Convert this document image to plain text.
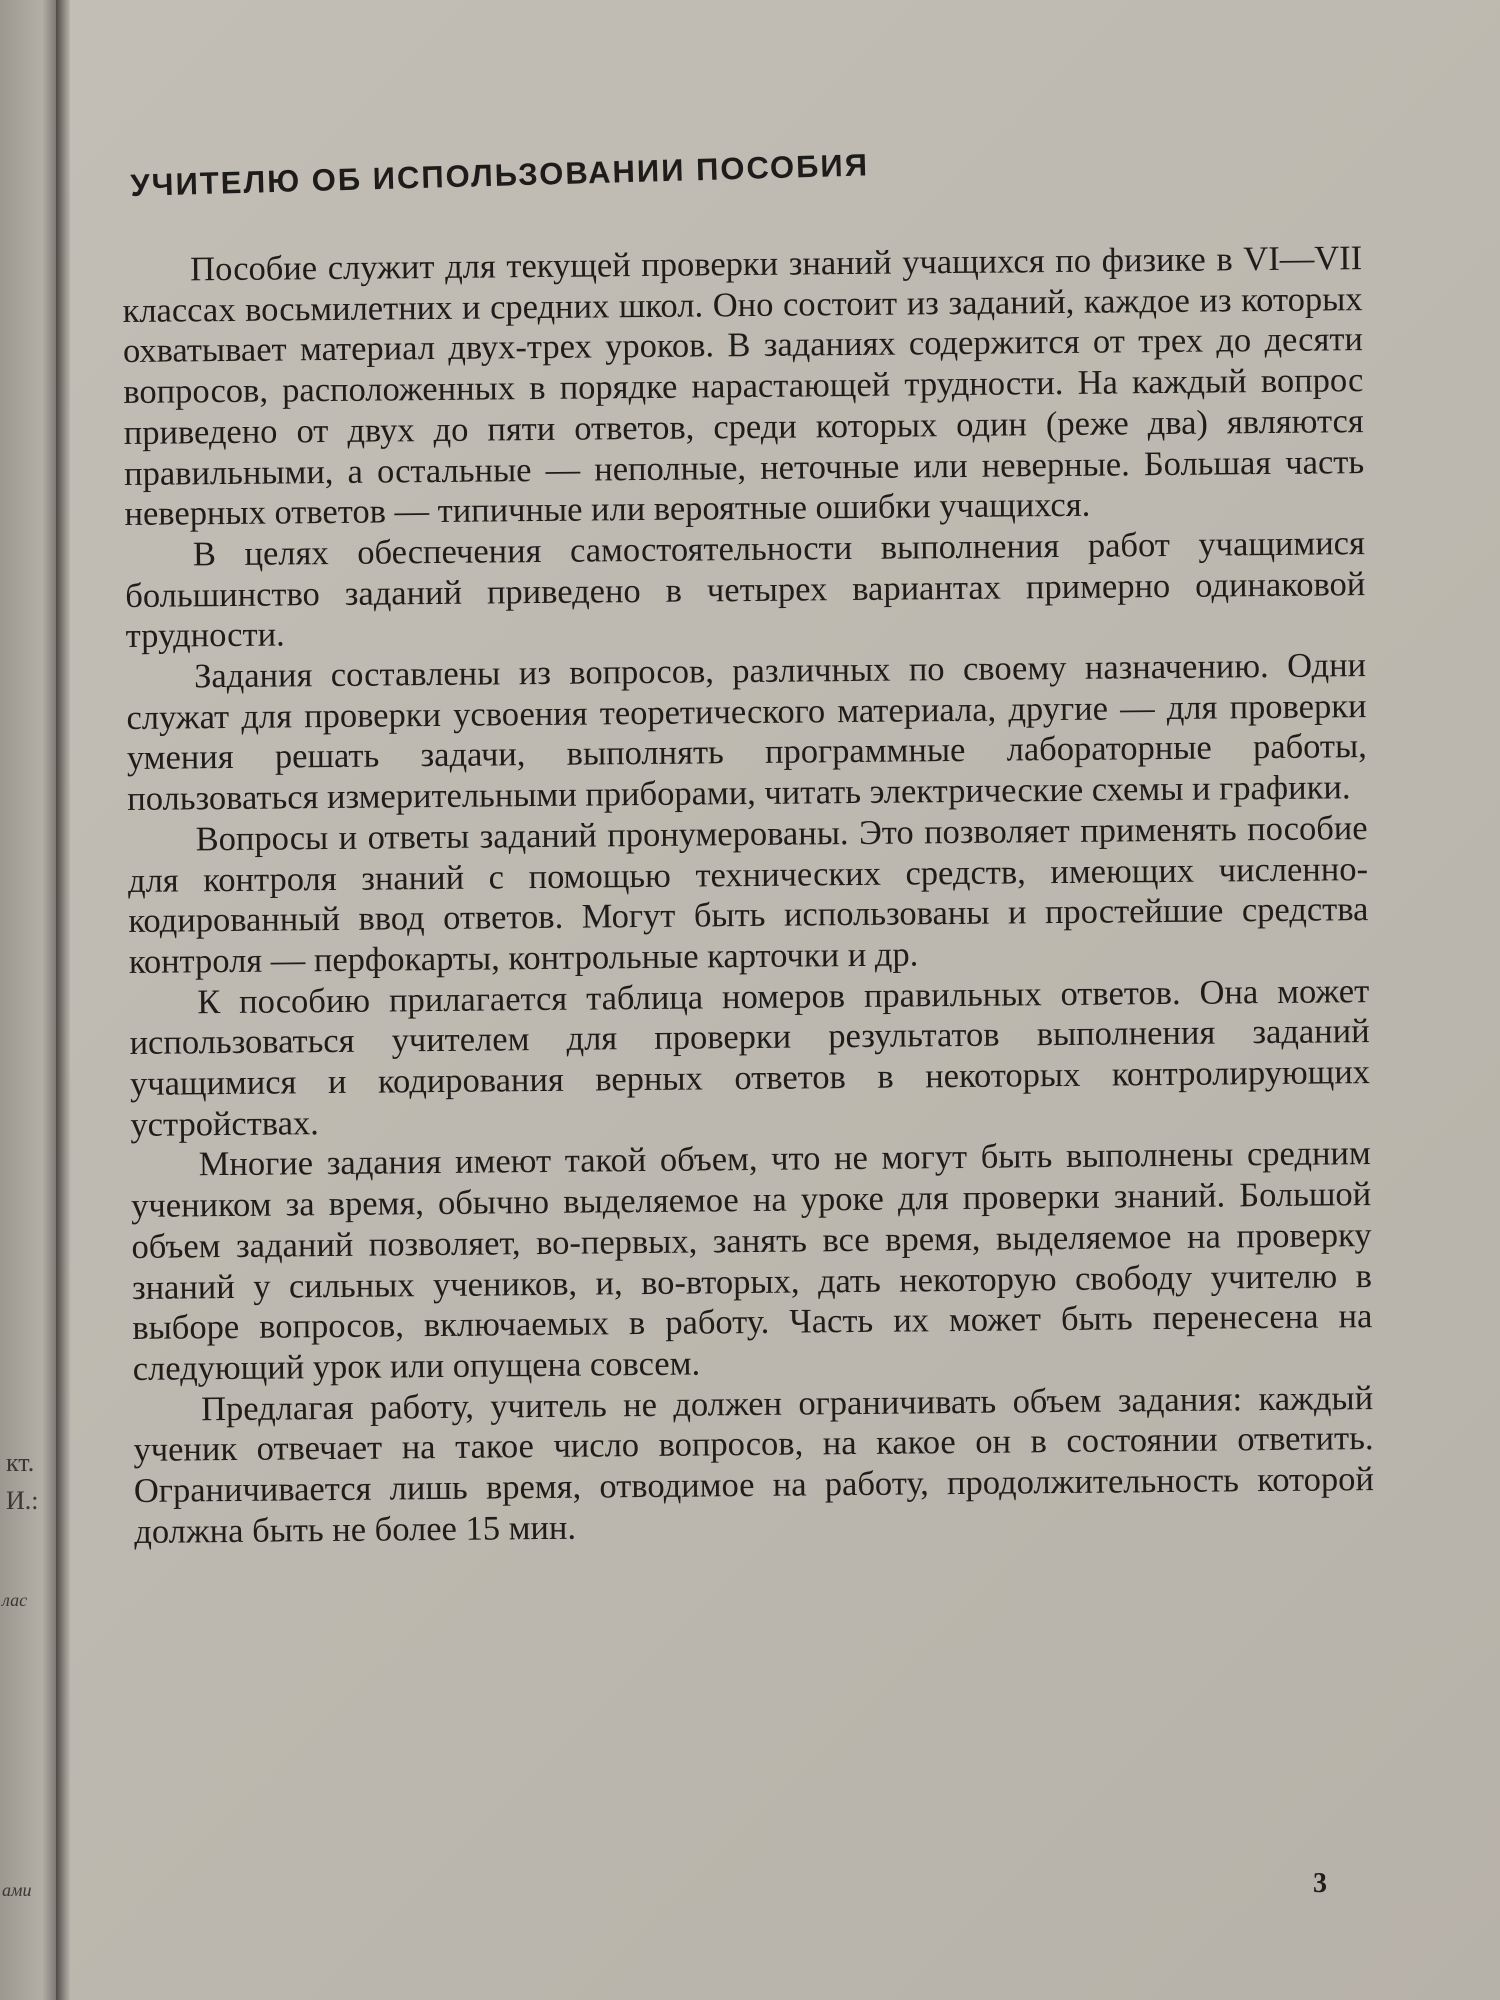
кт.
И.:
лас
ами
УЧИТЕЛЮ ОБ ИСПОЛЬЗОВАНИИ ПОСОБИЯ

Пособие служит для текущей проверки знаний учащихся по физике в VI—VII классах восьмилетних и средних школ. Оно состоит из заданий, каждое из которых охватывает материал двух-трех уроков. В заданиях содержится от трех до десяти вопросов, расположенных в порядке нарастающей трудности. На каждый вопрос приведено от двух до пяти ответов, среди которых один (реже два) являются правильными, а остальные — неполные, неточные или неверные. Большая часть неверных ответов — типичные или вероятные ошибки учащихся.

В целях обеспечения самостоятельности выполнения работ учащимися большинство заданий приведено в четырех вариантах примерно одинаковой трудности.

Задания составлены из вопросов, различных по своему назначению. Одни служат для проверки усвоения теоретического материала, другие — для проверки умения решать задачи, выполнять программные лабораторные работы, пользоваться измерительными приборами, читать электрические схемы и графики.

Вопросы и ответы заданий пронумерованы. Это позволяет применять пособие для контроля знаний с помощью технических средств, имеющих численно-кодированный ввод ответов. Могут быть использованы и простейшие средства контроля — перфокарты, контрольные карточки и др.

К пособию прилагается таблица номеров правильных ответов. Она может использоваться учителем для проверки результатов выполнения заданий учащимися и кодирования верных ответов в некоторых контролирующих устройствах.

Многие задания имеют такой объем, что не могут быть выполнены средним учеником за время, обычно выделяемое на уроке для проверки знаний. Большой объем заданий позволяет, во-первых, занять все время, выделяемое на проверку знаний у сильных учеников, и, во-вторых, дать некоторую свободу учителю в выборе вопросов, включаемых в работу. Часть их может быть перенесена на следующий урок или опущена совсем.

Предлагая работу, учитель не должен ограничивать объем задания: каждый ученик отвечает на такое число вопросов, на какое он в состоянии ответить. Ограничивается лишь время, отводимое на работу, продолжительность которой должна быть не более 15 мин.

3
